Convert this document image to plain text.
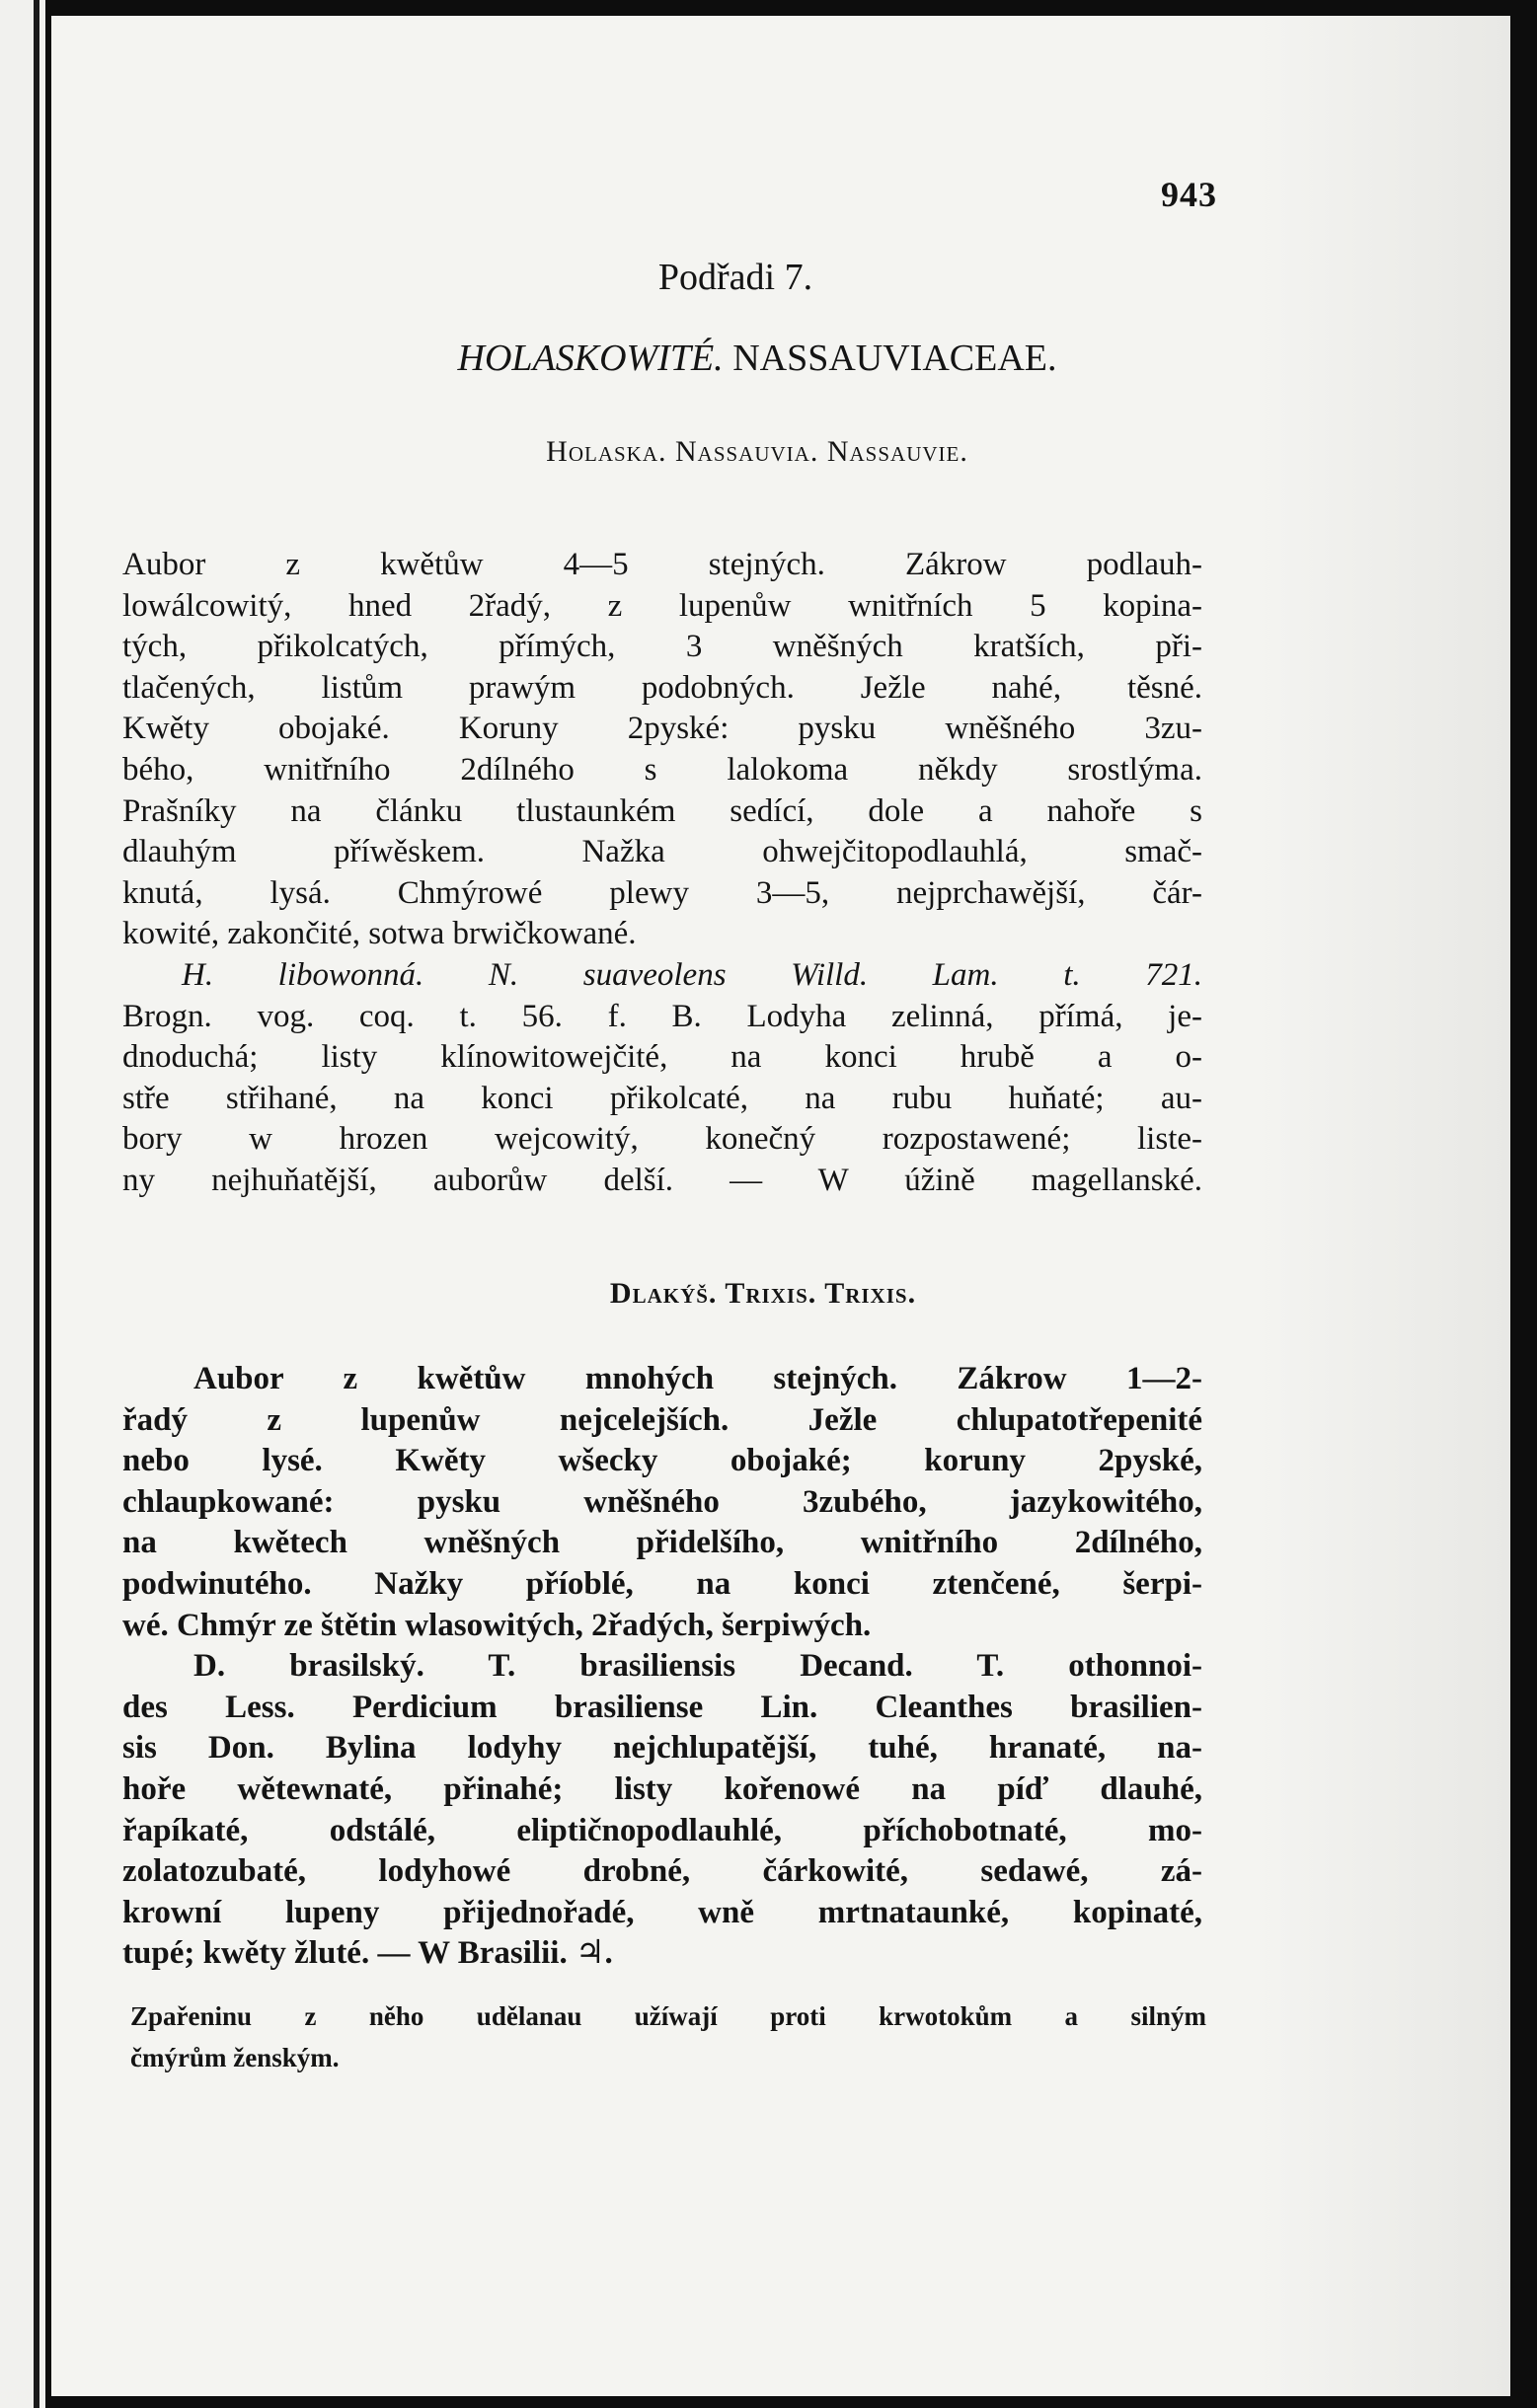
943
Podřadi 7.
HOLASKOWITÉ. NASSAUVIACEAE.
Holaska. Nassauvia. Nassauvie.
Aubor z kwětůw 4—5 stejných. Zákrow podlauh-
lowálcowitý, hned 2řadý, z lupenůw wnitřních 5 kopina-
tých, přikolcatých, přímých, 3 wněšných kratších, při-
tlačených, listům prawým podobných. Ježle nahé, těsné.
Kwěty obojaké. Koruny 2pyské: pysku wněšného 3zu-
bého, wnitřního 2dílného s lalokoma někdy srostlýma.
Prašníky na článku tlustaunkém sedící, dole a nahoře s
dlauhým příwěskem. Nažka ohwejčitopodlauhlá, smač-
knutá, lysá. Chmýrowé plewy 3—5, nejprchawější, čár-
kowité, zakončité, sotwa brwičkowané.
H. libowonná. N. suaveolens Willd. Lam. t. 721.
Brogn. vog. coq. t. 56. f. B. Lodyha zelinná, přímá, je-
dnoduchá; listy klínowitowejčité, na konci hrubě a o-
stře střihané, na konci přikolcaté, na rubu huňaté; au-
bory w hrozen wejcowitý, konečný rozpostawené; liste-
ny nejhuňatější, auborůw delší. — W úžině magellanské.
Dlakýš. Trixis. Trixis.
Aubor z kwětůw mnohých stejných. Zákrow 1—2-
řadý z lupenůw nejcelejších. Ježle chlupatotřepenité
nebo lysé. Kwěty wšecky obojaké; koruny 2pyské,
chlaupkowané: pysku wněšného 3zubého, jazykowitého,
na kwětech wněšných přidelšího, wnitřního 2dílného,
podwinutého. Nažky příoblé, na konci ztenčené, šerpi-
wé. Chmýr ze štětin wlasowitých, 2řadých, šerpiwých.
D. brasilský. T. brasiliensis Decand. T. othonnoi-
des Less. Perdicium brasiliense Lin. Cleanthes brasilien-
sis Don. Bylina lodyhy nejchlupatější, tuhé, hranaté, na-
hoře wětewnaté, přinahé; listy kořenowé na píď dlauhé,
řapíkaté, odstálé, eliptičnopodlauhlé, příchobotnaté, mo-
zolatozubaté, lodyhowé drobné, čárkowité, sedawé, zá-
krowní lupeny přijednořadé, wně mrtnataunké, kopinaté,
tupé; kwěty žluté. — W Brasilii. ♃.
Zpařeninu z něho udělanau užíwají proti krwotokům a silným
čmýrům ženským.
